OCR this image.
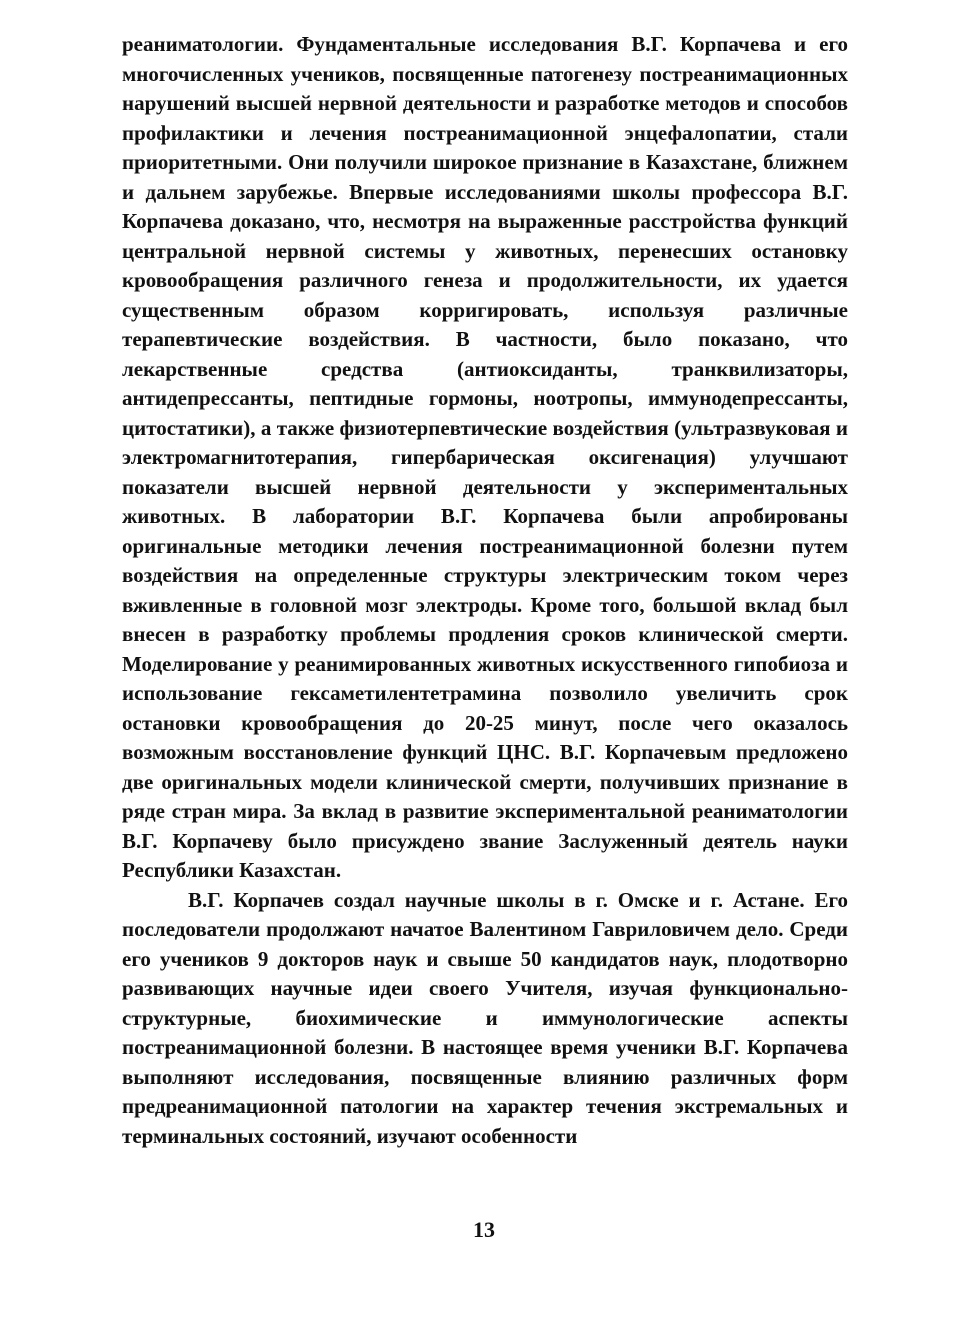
реаниматологии. Фундаментальные исследования В.Г. Корпачева и его многочисленных учеников, посвященные патогенезу постреанимационных нарушений высшей нервной деятельности и разработке методов и способов профилактики и лечения постреанимационной энцефалопатии, стали приоритетными. Они получили широкое признание в Казахстане, ближнем и дальнем зарубежье. Впервые исследованиями школы профессора В.Г. Корпачева доказано, что, несмотря на выраженные расстройства функций центральной нервной системы у животных, перенесших остановку кровообращения различного генеза и продолжительности, их удается существенным образом корригировать, используя различные терапевтические воздействия. В частности, было показано, что лекарственные средства (антиоксиданты, транквилизаторы, антидепрессанты, пептидные гормоны, ноотропы, иммунодепрессанты, цитостатики), а также физиотерпевтические воздействия (ультразвуковая и электромагнитотерапия, гипербарическая оксигенация) улучшают показатели высшей нервной деятельности у экспериментальных животных. В лаборатории В.Г. Корпачева были апробированы оригинальные методики лечения постреанимационной болезни путем воздействия на определенные структуры электрическим током через вживленные в головной мозг электроды. Кроме того, большой вклад был внесен в разработку проблемы продления сроков клинической смерти. Моделирование у реанимированных животных искусственного гипобиоза и использование гексаметилентетрамина позволило увеличить срок остановки кровообращения до 20-25 минут, после чего оказалось возможным восстановление функций ЦНС. В.Г. Корпачевым предложено две оригинальных модели клинической смерти, получивших признание в ряде стран мира. За вклад в развитие экспериментальной реаниматологии В.Г. Корпачеву было присуждено звание Заслуженный деятель науки Республики Казахстан.

В.Г. Корпачев создал научные школы в г. Омске и г. Астане. Его последователи продолжают начатое Валентином Гавриловичем дело. Среди его учеников 9 докторов наук и свыше 50 кандидатов наук, плодотворно развивающих научные идеи своего Учителя, изучая функционально-структурные, биохимические и иммунологические аспекты постреанимационной болезни. В настоящее время ученики В.Г. Корпачева выполняют исследования, посвященные влиянию различных форм предреанимационной патологии на характер течения экстремальных и терминальных состояний, изучают особенности

13
